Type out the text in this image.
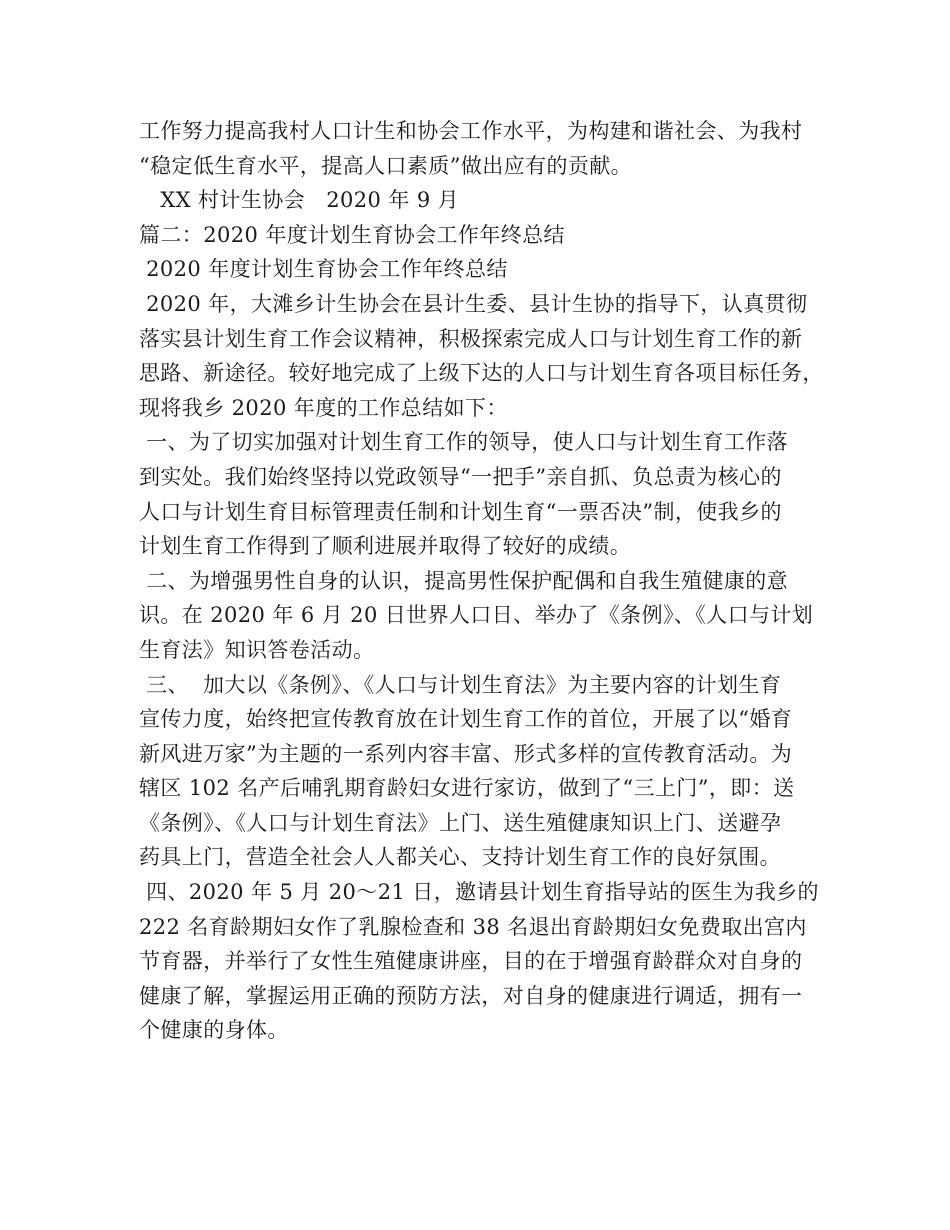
工作努力提高我村人口计生和协会工作水平，为构建和谐社会、为我村
“稳定低生育水平，提高人口素质”做出应有的贡献。
XX 村计生协会   2020 年 9 月
篇二：2020 年度计划生育协会工作年终总结
2020 年度计划生育协会工作年终总结
2020 年，大滩乡计生协会在县计生委、县计生协的指导下，认真贯彻
落实县计划生育工作会议精神，积极探索完成人口与计划生育工作的新
思路、新途径。较好地完成了上级下达的人口与计划生育各项目标任务，
现将我乡 2020 年度的工作总结如下：
一、为了切实加强对计划生育工作的领导，使人口与计划生育工作落
到实处。我们始终坚持以党政领导“一把手”亲自抓、负总责为核心的
人口与计划生育目标管理责任制和计划生育“一票否决”制，使我乡的
计划生育工作得到了顺利进展并取得了较好的成绩。
二、为增强男性自身的认识，提高男性保护配偶和自我生殖健康的意
识。在 2020 年 6 月 20 日世界人口日、举办了《条例》、《人口与计划
生育法》知识答卷活动。
三、  加大以《条例》、《人口与计划生育法》为主要内容的计划生育
宣传力度，始终把宣传教育放在计划生育工作的首位，开展了以“婚育
新风进万家”为主题的一系列内容丰富、形式多样的宣传教育活动。为
辖区 102 名产后哺乳期育龄妇女进行家访，做到了“三上门”，即：送
《条例》、《人口与计划生育法》上门、送生殖健康知识上门、送避孕
药具上门，营造全社会人人都关心、支持计划生育工作的良好氛围。
四、2020 年 5 月 20～21 日，邀请县计划生育指导站的医生为我乡的
222 名育龄期妇女作了乳腺检查和 38 名退出育龄期妇女免费取出宫内
节育器，并举行了女性生殖健康讲座，目的在于增强育龄群众对自身的
健康了解，掌握运用正确的预防方法，对自身的健康进行调适，拥有一
个健康的身体。
